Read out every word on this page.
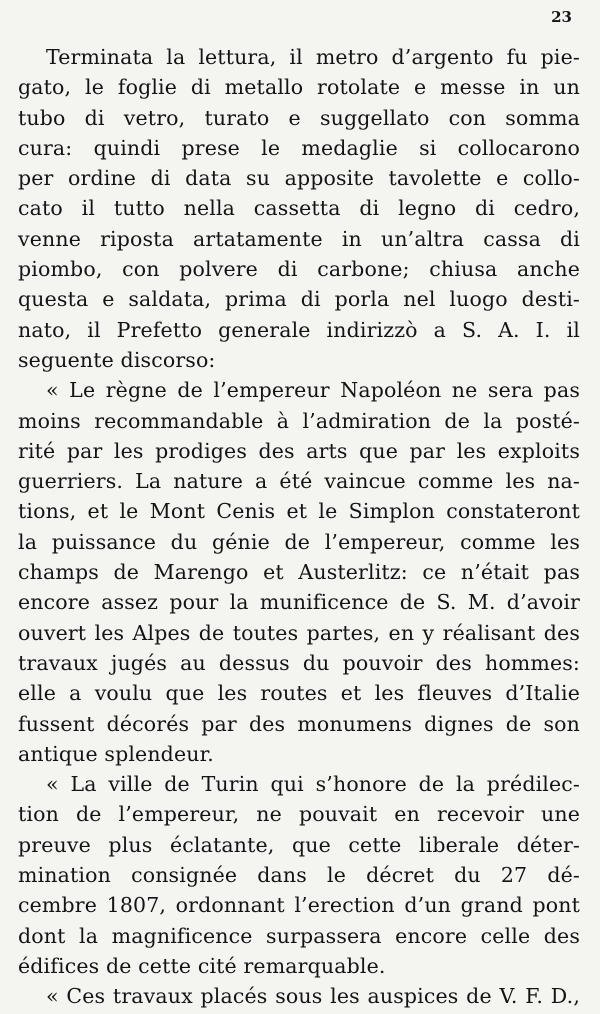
23

Terminata la lettura, il metro d’argento fu pie-
gato, le foglie di metallo rotolate e messe in un
tubo di vetro, turato e suggellato con somma
cura: quindi prese le medaglie si collocarono
per ordine di data su apposite tavolette e collo-
cato il tutto nella cassetta di legno di cedro,
venne riposta artatamente in un’altra cassa di
piombo, con polvere di carbone; chiusa anche
questa e saldata, prima di porla nel luogo desti-
nato, il Prefetto generale indirizzò a S. A. I. il
seguente discorso:

« Le règne de l’empereur Napoléon ne sera pas
moins recommandable à l’admiration de la posté-
rité par les prodiges des arts que par les exploits
guerriers. La nature a été vaincue comme les na-
tions, et le Mont Cenis et le Simplon constateront
la puissance du génie de l’empereur, comme les
champs de Marengo et Austerlitz: ce n’était pas
encore assez pour la munificence de S. M. d’avoir
ouvert les Alpes de toutes partes, en y réalisant des
travaux jugés au dessus du pouvoir des hommes:
elle a voulu que les routes et les fleuves d’Italie
fussent décorés par des monumens dignes de son
antique splendeur.

« La ville de Turin qui s’honore de la prédilec-
tion de l’empereur, ne pouvait en recevoir une
preuve plus éclatante, que cette liberale déter-
mination consignée dans le décret du 27 dé-
cembre 1807, ordonnant l’erection d’un grand pont
dont la magnificence surpassera encore celle des
édifices de cette cité remarquable.

« Ces travaux placés sous les auspices de V. F. D.,
